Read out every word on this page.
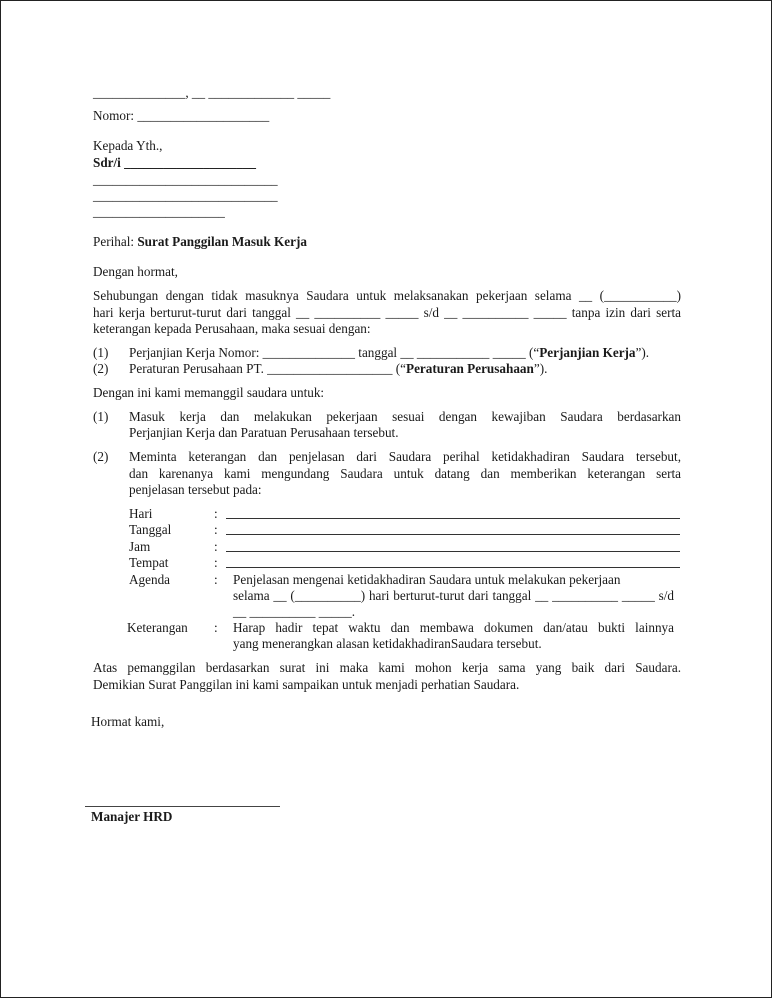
______________, __ _____________ _____
Nomor: ____________________
Kepada Yth.,
Sdr/i ____________________
____________________________
____________________________
____________________
Perihal: Surat Panggilan Masuk Kerja
Dengan hormat,
Sehubungan dengan tidak masuknya Saudara untuk melaksanakan pekerjaan selama __ (___________)
hari kerja berturut-turut dari tanggal __ __________ _____ s/d __ __________ _____ tanpa izin dari serta
keterangan kepada Perusahaan, maka sesuai dengan:
(1) Perjanjian Kerja Nomor: ______________ tanggal __ ___________ _____ (“Perjanjian Kerja”).
(2) Peraturan Perusahaan PT. ___________________ (“Peraturan Perusahaan”).
Dengan ini kami memanggil saudara untuk:
(1) Masuk kerja dan melakukan pekerjaan sesuai dengan kewajiban Saudara berdasarkan
Perjanjian Kerja dan Paratuan Perusahaan tersebut.
(2) Meminta keterangan dan penjelasan dari Saudara perihal ketidakhadiran Saudara tersebut,
dan karenanya kami mengundang Saudara untuk datang dan memberikan keterangan serta
penjelasan tersebut pada:
Hari	:
Tanggal	:
Jam	:
Tempat	:
Agenda	: Penjelasan mengenai ketidakhadiran Saudara untuk melakukan pekerjaan
selama __ (__________) hari berturut-turut dari tanggal __ __________ _____ s/d
__ __________ _____.
Keterangan : Harap hadir tepat waktu dan membawa dokumen dan/atau bukti lainnya
yang menerangkan alasan ketidakhadiranSaudara tersebut.
Atas pemanggilan berdasarkan surat ini maka kami mohon kerja sama yang baik dari Saudara.
Demikian Surat Panggilan ini kami sampaikan untuk menjadi perhatian Saudara.
Hormat kami,
Manajer HRD
